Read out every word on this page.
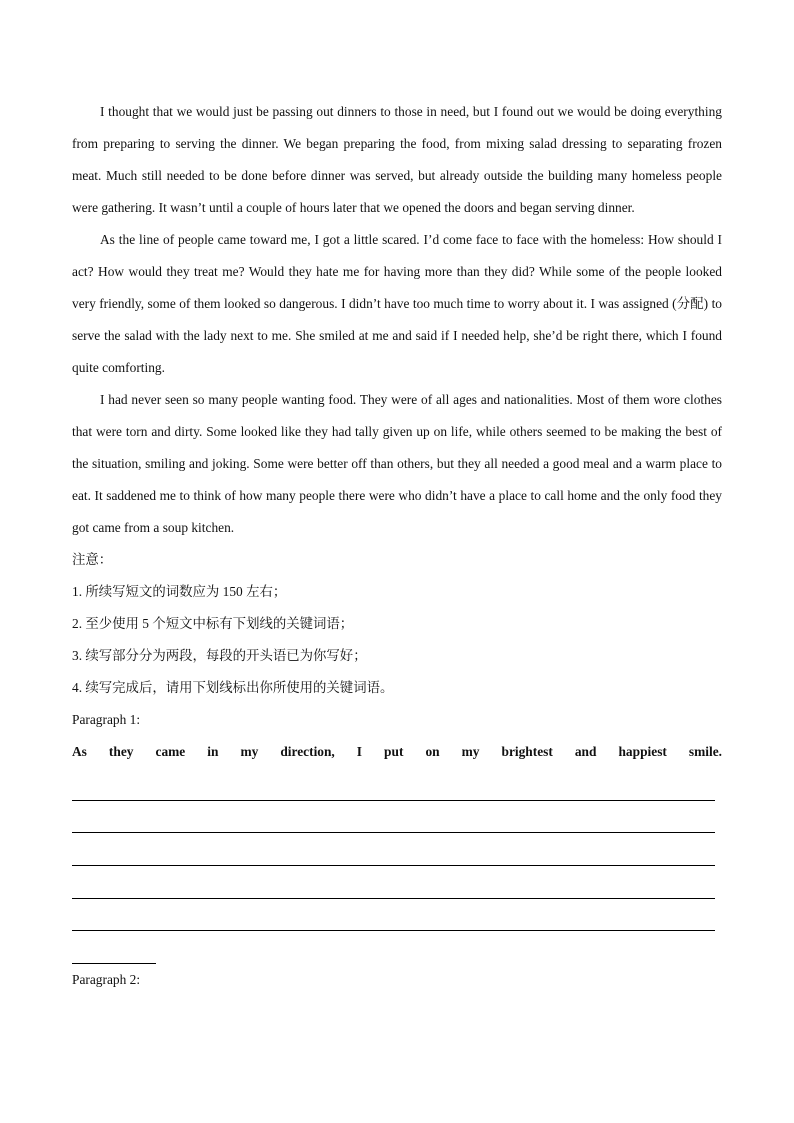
I thought that we would just be passing out dinners to those in need, but I found out we would be doing everything from preparing to serving the dinner. We began preparing the food, from mixing salad dressing to separating frozen meat. Much still needed to be done before dinner was served, but already outside the building many homeless people were gathering. It wasn’t until a couple of hours later that we opened the doors and began serving dinner.

As the line of people came toward me, I got a little scared. I’d come face to face with the homeless: How should I act? How would they treat me? Would they hate me for having more than they did? While some of the people looked very friendly, some of them looked so dangerous. I didn’t have too much time to worry about it. I was assigned (分配) to serve the salad with the lady next to me. She smiled at me and said if I needed help, she’d be right there, which I found quite comforting.

I had never seen so many people wanting food. They were of all ages and nationalities. Most of them wore clothes that were torn and dirty. Some looked like they had tally given up on life, while others seemed to be making the best of the situation, smiling and joking. Some were better off than others, but they all needed a good meal and a warm place to eat. It saddened me to think of how many people there were who didn’t have a place to call home and the only food they got came from a soup kitchen.

注意：

1. 所续写短文的词数应为 150 左右；

2. 至少使用 5 个短文中标有下划线的关键词语；

3. 续写部分分为两段，每段的开头语已为你写好；

4. 续写完成后，请用下划线标出你所使用的关键词语。

Paragraph 1:

As they came in my direction, I put on my brightest and happiest smile.

Paragraph 2:
